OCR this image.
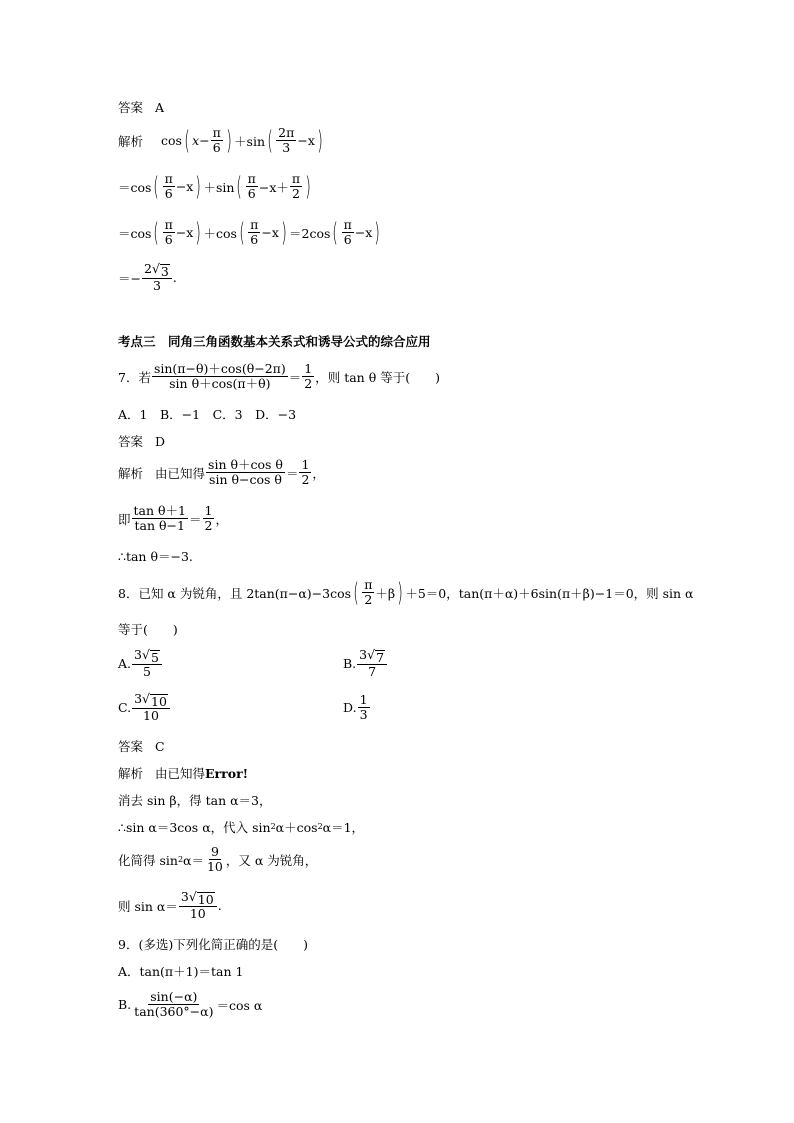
答案 A
解析 cos ( $x - \frac{\pi}{6}$ ) ＋sin ( $\frac{2\pi}{3} -x$ )
＝cos ( $\frac{\pi}{6} -x$ ) ＋sin ( $\frac{\pi}{6} -x+ \frac{\pi}{2}$ )
＝cos ( $\frac{\pi}{6} -x$ ) ＋cos ( $\frac{\pi}{6} -x$ ) ＝2cos ( $\frac{\pi}{6} -x$ )
＝− $\frac{2 √ 3}{3}$ .
考点三　同角三角函数基本关系式和诱导公式的综合应用
7．若 $\frac{\sin(\pi-\theta)+\cos(\theta-2\pi)}{\text{sin θ＋cos(π＋θ)}} = \frac{1}{2}$ ，则 tan θ 等于(　　)
A．1　B．−1　C．3　D．−3
答案 D
解析 由已知得 $\frac{\text{sin θ＋cos θ}}{\text{sin θ−cos θ}} = \frac{1}{2}$ ，
即 $\frac{\text{tan θ＋1}}{\text{tan θ−1}} = \frac{1}{2}$ ，
∴tan θ＝−3.
8．已知 α 为锐角，且 2tan(π−α)−3cos ( $\frac{\pi}{2} +\beta$ ) ＋5＝0，tan(π＋α)＋6sin(π＋β)−1＝0，则 sin α
等于(　　)
A. $\frac{3 √ 5}{5}$	B. $\frac{3 √ 7}{7}$
C. $\frac{3 √ 10}{10}$	D. $\frac{1}{3}$
答案 C
解析 由已知得 Error!
消去 sin β，得 tan α＝3，
∴sin α＝3cos α，代入 sin 2 α＋cos 2 α＝1，
化简得 sin 2 $\alpha= \frac{9}{10}$ ，又 α 为锐角，
则 $\sin \alpha= \frac{3 √ 10}{10}$ .
9．(多选)下列化简正确的是(　　)
A．tan(π＋1)＝tan 1
B. $\frac{\sin(-\alpha)}{\tan(360^\circ-\alpha)} =\cos$ α
